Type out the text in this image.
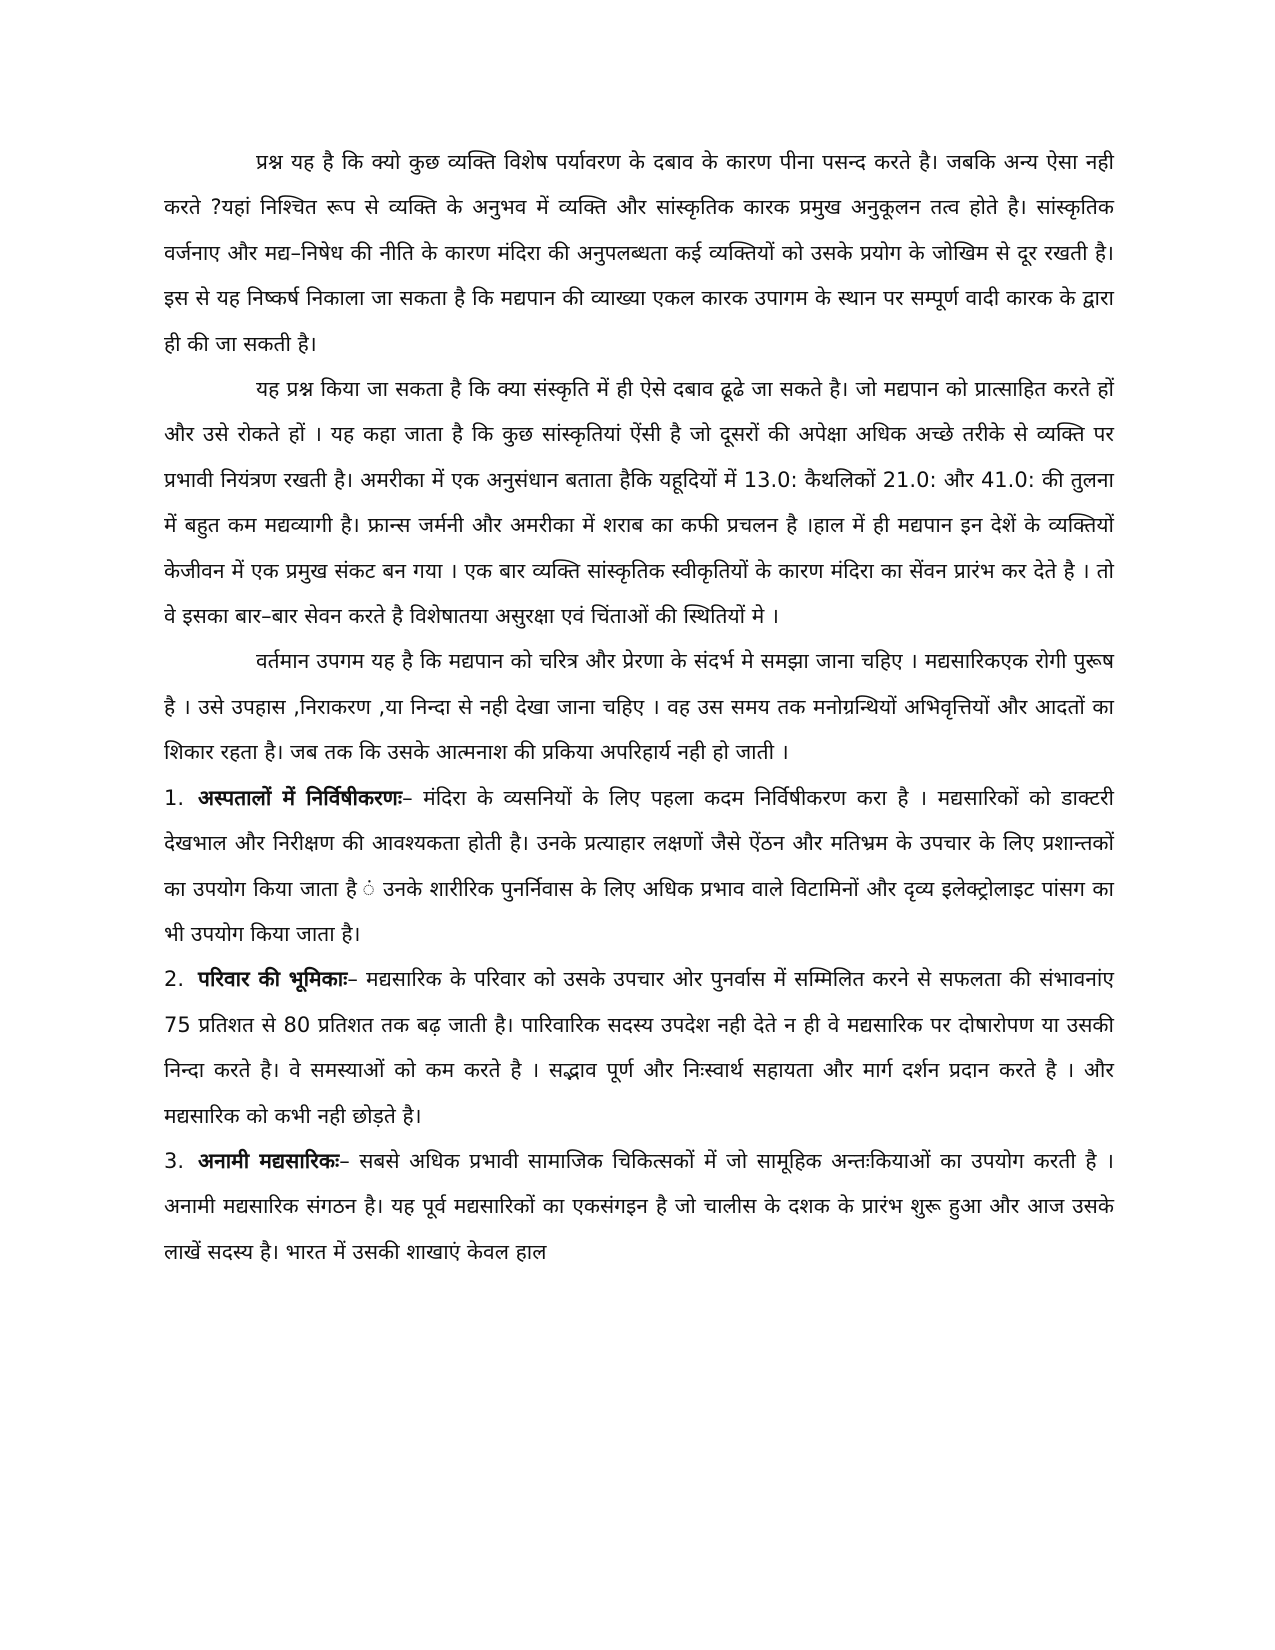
प्रश्न यह है कि क्यो कुछ व्यक्ति विशेष पर्यावरण के दबाव के कारण पीना पसन्द करते है। जबकि अन्य ऐसा नही करते ?यहां निश्चित रूप से व्यक्ति के अनुभव में व्यक्ति और सांस्कृतिक कारक प्रमुख अनुकूलन तत्व होते है। सांस्कृतिक वर्जनाए और मद्य–निषेध की नीति के कारण मंदिरा की अनुपलब्धता कई व्यक्तियों को उसके प्रयोग के जोखिम से दूर रखती है। इस से यह निष्कर्ष निकाला जा सकता है कि मद्यपान की व्याख्या एकल कारक उपागम के स्थान पर सम्पूर्ण वादी कारक के द्वारा ही की जा सकती है।

यह प्रश्न किया जा सकता है कि क्या संस्कृति में ही ऐसे दबाव ढूढे जा सकते है। जो मद्यपान को प्रात्साहित करते हों और उसे रोकते हों । यह कहा जाता है कि कुछ सांस्कृतियां ऐंसी है जो दूसरों की अपेक्षा अधिक अच्छे तरीके से व्यक्ति पर प्रभावी नियंत्रण रखती है। अमरीका में एक अनुसंधान बताता हैकि यहूदियों में 13.0: कैथलिकों 21.0: और 41.0: की तुलना में बहुत कम मद्यव्यागी है। फ्रान्स जर्मनी और अमरीका में शराब का कफी प्रचलन है ।हाल में ही मद्यपान इन देशें के व्यक्तियों केजीवन में एक प्रमुख संकट बन गया । एक बार व्यक्ति सांस्कृतिक स्वीकृतियों के कारण मंदिरा का सेंवन प्रारंभ कर देते है । तो वे इसका बार–बार सेवन करते है विशेषातया असुरक्षा एवं चिंताओं की स्थितियों मे ।

वर्तमान उपगम यह है कि मद्यपान को चरित्र और प्रेरणा के संदर्भ मे समझा जाना चहिए । मद्यसारिकएक रोगी पुरूष है । उसे उपहास ,निराकरण ,या निन्दा से नही देखा जाना चहिए । वह उस समय तक मनोग्रन्थियों अभिवृत्तियों और आदतों का शिकार रहता है। जब तक कि उसके आत्मनाश की प्रकिया अपरिहार्य नही हो जाती ।

1. अस्पतालों में निर्विषीकरणः– मंदिरा के व्यसनियों के लिए पहला कदम निर्विषीकरण करा है । मद्यसारिकों को डाक्टरी देखभाल और निरीक्षण की आवश्यकता होती है। उनके प्रत्याहार लक्षणों जैसे ऐंठन और मतिभ्रम के उपचार के लिए प्रशान्तकों का उपयोग किया जाता है ं उनके शारीरिक पुनर्निवास के लिए अधिक प्रभाव वाले विटामिनों और दृव्य इलेक्ट्रोलाइट पांसग का भी उपयोग किया जाता है।

2. परिवार की भूमिकाः– मद्यसारिक के परिवार को उसके उपचार ओर पुनर्वास में सम्मिलित करने से सफलता की संभावनांए 75 प्रतिशत से 80 प्रतिशत तक बढ़ जाती है। पारिवारिक सदस्य उपदेश नही देते न ही वे मद्यसारिक पर दोषारोपण या उसकी निन्दा करते है। वे समस्याओं को कम करते है । सद्भाव पूर्ण और निःस्वार्थ सहायता और मार्ग दर्शन प्रदान करते है । और मद्यसारिक को कभी नही छोड़ते है।

3. अनामी मद्यसारिकः– सबसे अधिक प्रभावी सामाजिक चिकित्सकों में जो सामूहिक अन्तःकियाओं का उपयोग करती है । अनामी मद्यसारिक संगठन है। यह पूर्व मद्यसारिकों का एकसंगइन है जो चालीस के दशक के प्रारंभ शुरू हुआ और आज उसके लाखें सदस्य है। भारत में उसकी शाखाएं केवल हाल
